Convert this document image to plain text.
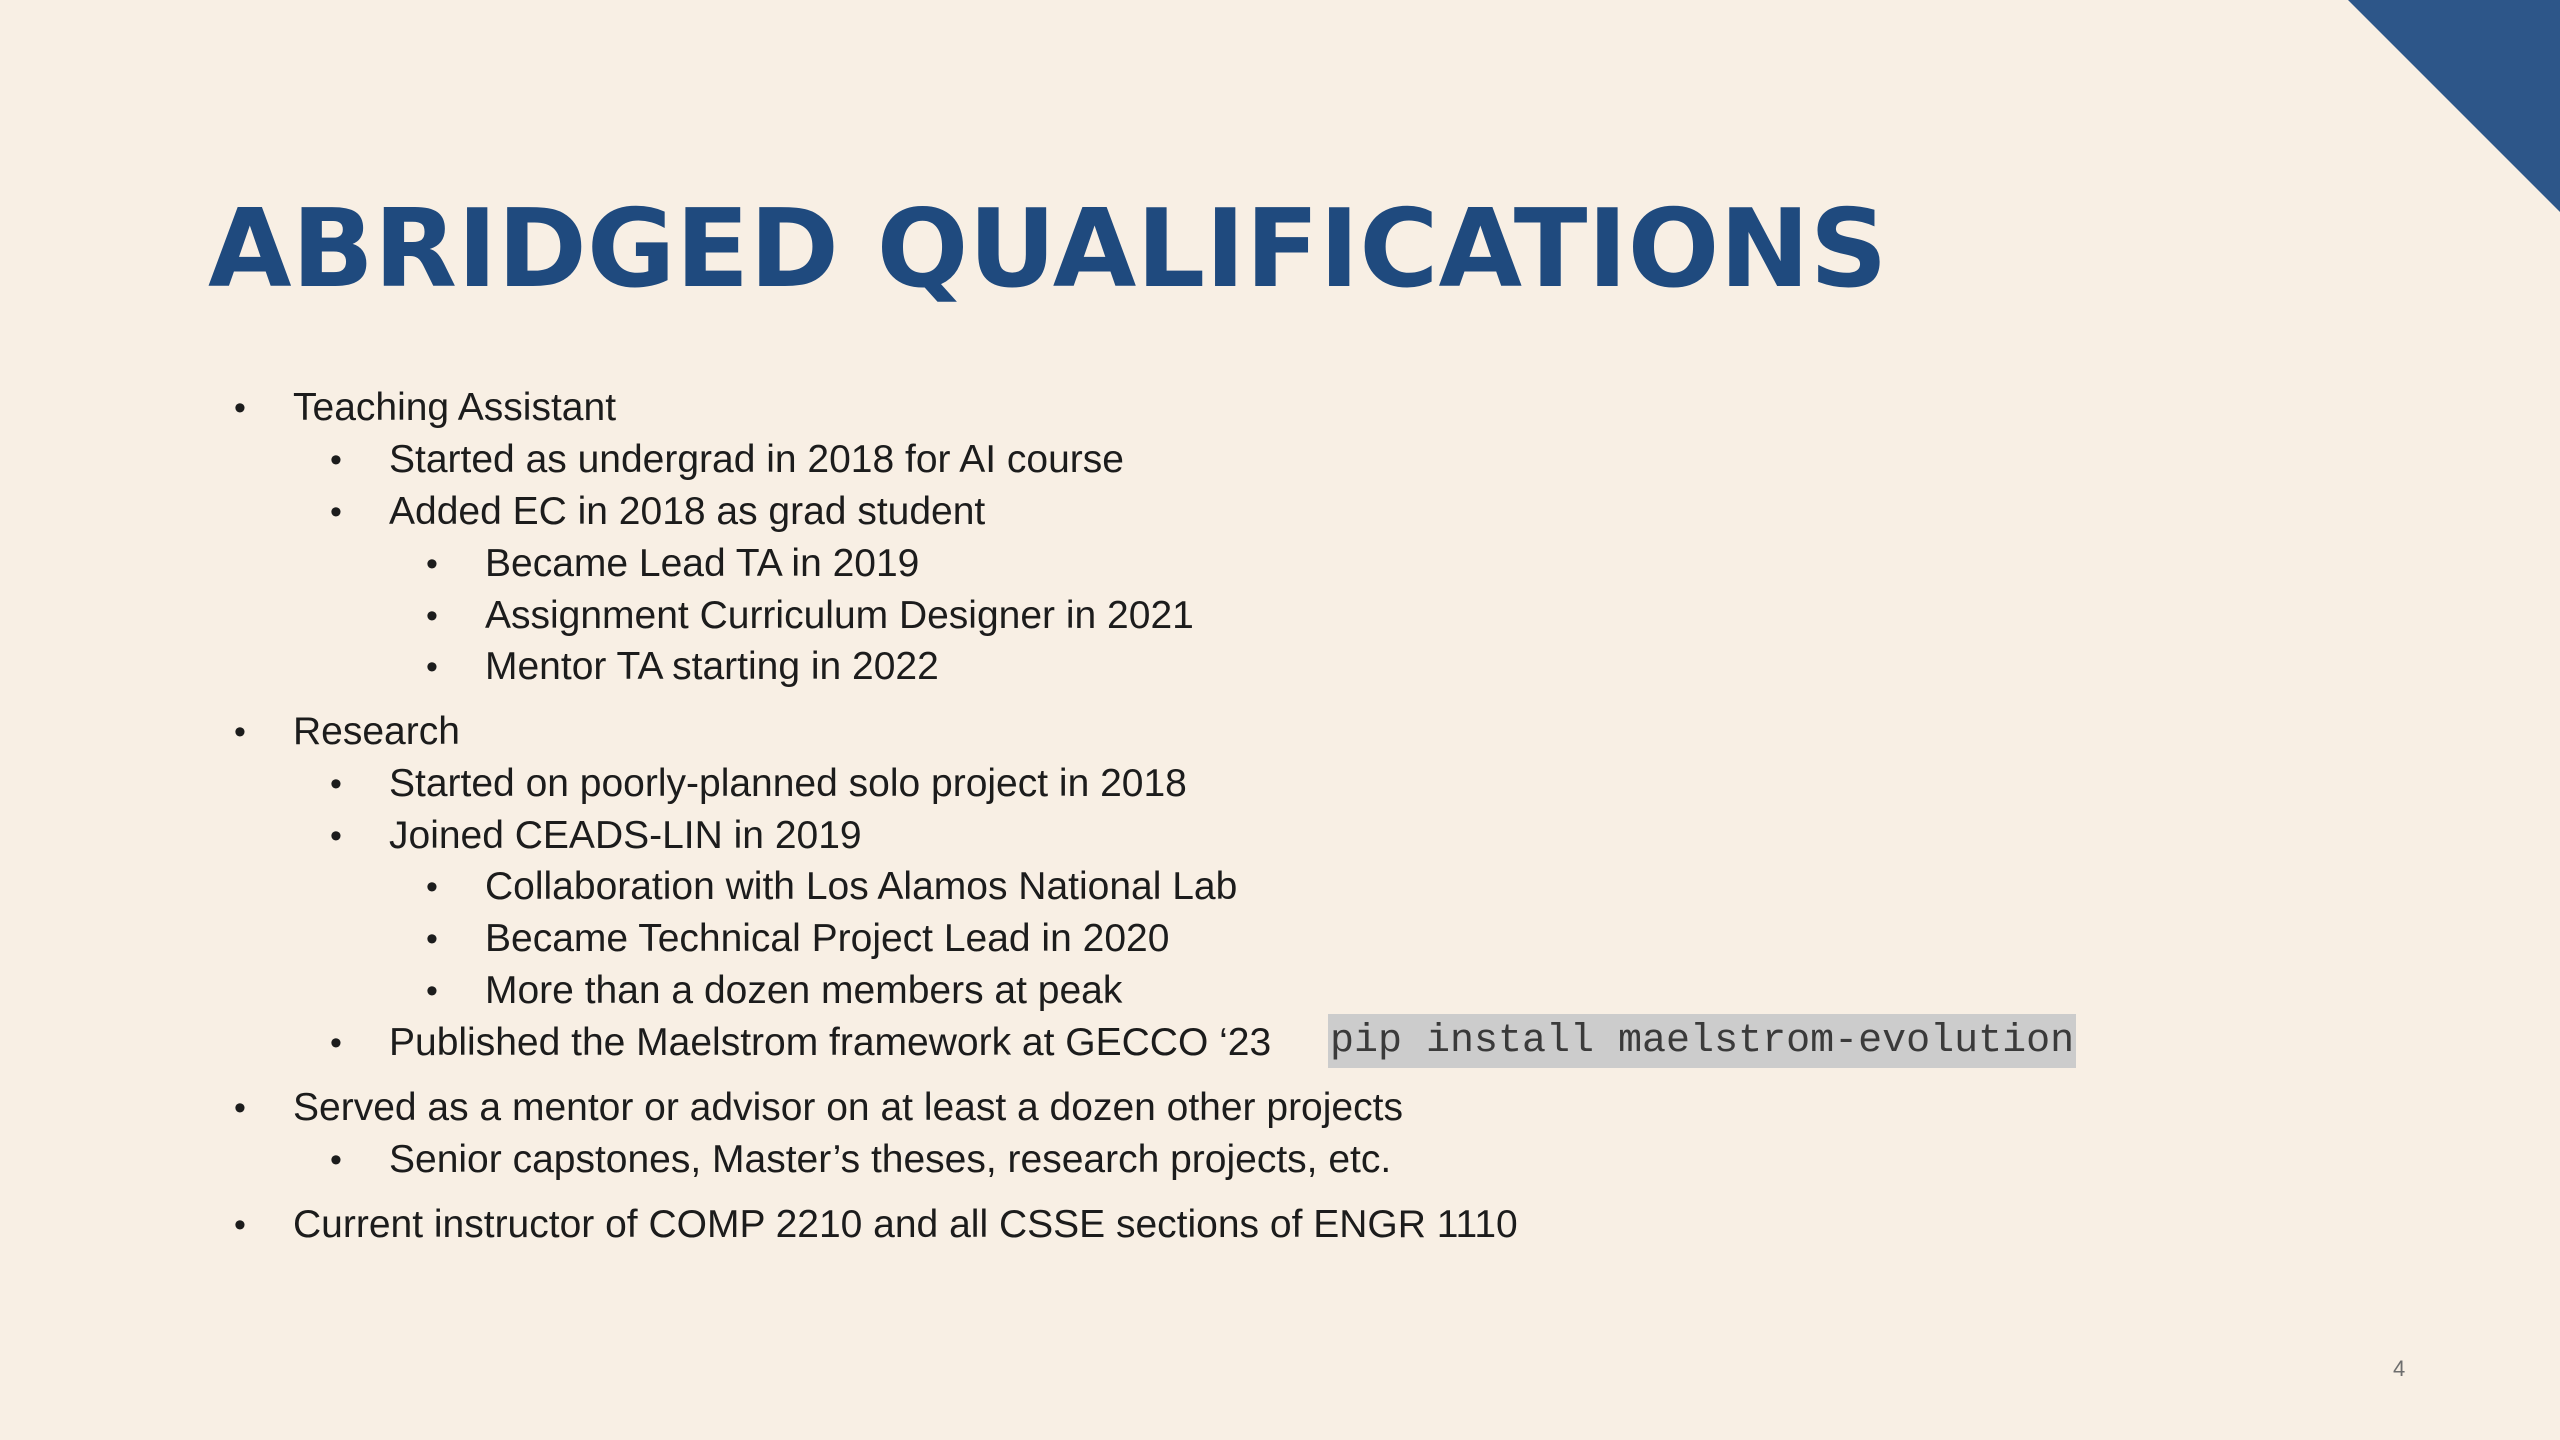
ABRIDGED QUALIFICATIONS
• Teaching Assistant
• Started as undergrad in 2018 for AI course
• Added EC in 2018 as grad student
• Became Lead TA in 2019
• Assignment Curriculum Designer in 2021
• Mentor TA starting in 2022
• Research
• Started on poorly-planned solo project in 2018
• Joined CEADS-LIN in 2019
• Collaboration with Los Alamos National Lab
• Became Technical Project Lead in 2020
• More than a dozen members at peak
• Published the Maelstrom framework at GECCO ‘23 pip install maelstrom-evolution
• Served as a mentor or advisor on at least a dozen other projects
• Senior capstones, Master’s theses, research projects, etc.
• Current instructor of COMP 2210 and all CSSE sections of ENGR 1110
4
